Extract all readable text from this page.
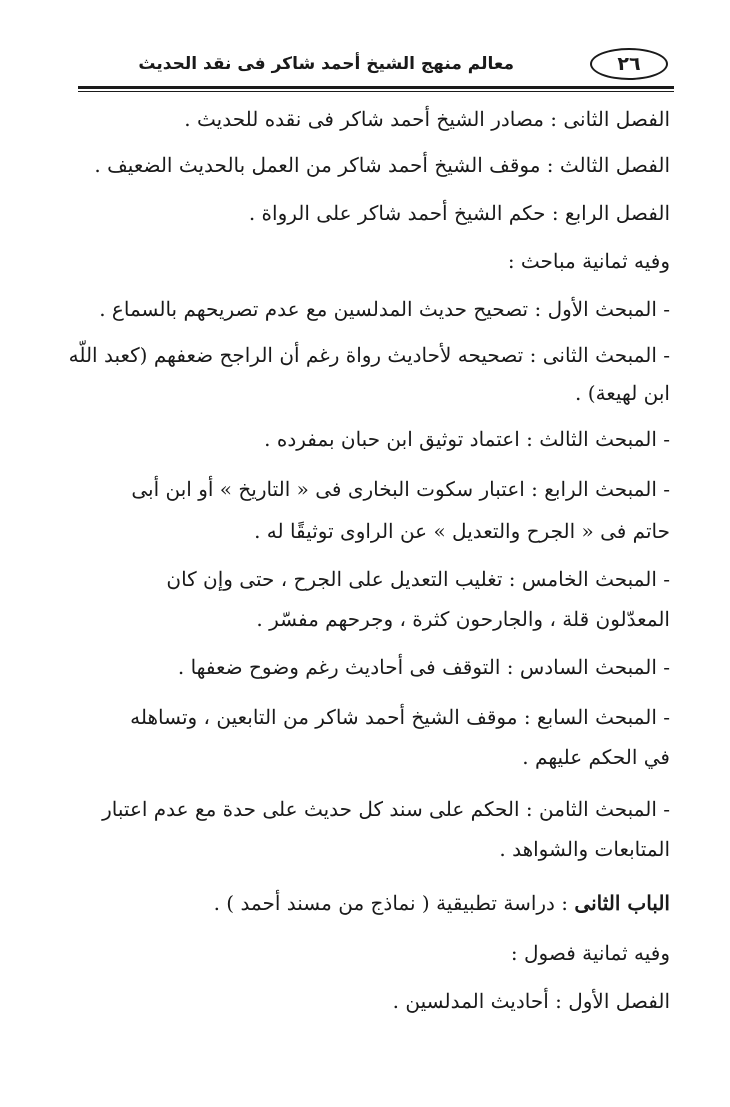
معالم منهج الشيخ أحمد شاكر فى نقد الحديث	٢٦
الفصل الثانى : مصادر الشيخ أحمد شاكر فى نقده للحديث .
الفصل الثالث : موقف الشيخ أحمد شاكر من العمل بالحديث الضعيف .
الفصل الرابع : حكم الشيخ أحمد شاكر على الرواة .
وفيه ثمانية مباحث :
- المبحث الأول : تصحيح حديث المدلسين مع عدم تصريحهم بالسماع .
- المبحث الثانى : تصحيحه لأحاديث رواة رغم أن الراجح ضعفهم (كعبد اللّه
ابن لهيعة) .
- المبحث الثالث : اعتماد توثيق ابن حبان بمفرده .
- المبحث الرابع : اعتبار سكوت البخارى فى « التاريخ » أو ابن أبى
حاتم فى « الجرح والتعديل » عن الراوى توثيقًا له .
- المبحث الخامس : تغليب التعديل على الجرح ، حتى وإن كان
المعدّلون قلة ، والجارحون كثرة ، وجرحهم مفسّر .
- المبحث السادس : التوقف فى أحاديث رغم وضوح ضعفها .
- المبحث السابع : موقف الشيخ أحمد شاكر من التابعين ، وتساهله
في الحكم عليهم .
- المبحث الثامن : الحكم على سند كل حديث على حدة مع عدم اعتبار
المتابعات والشواهد .
الباب الثانى : دراسة تطبيقية ( نماذج من مسند أحمد ) .
وفيه ثمانية فصول :
الفصل الأول : أحاديث المدلسين .
